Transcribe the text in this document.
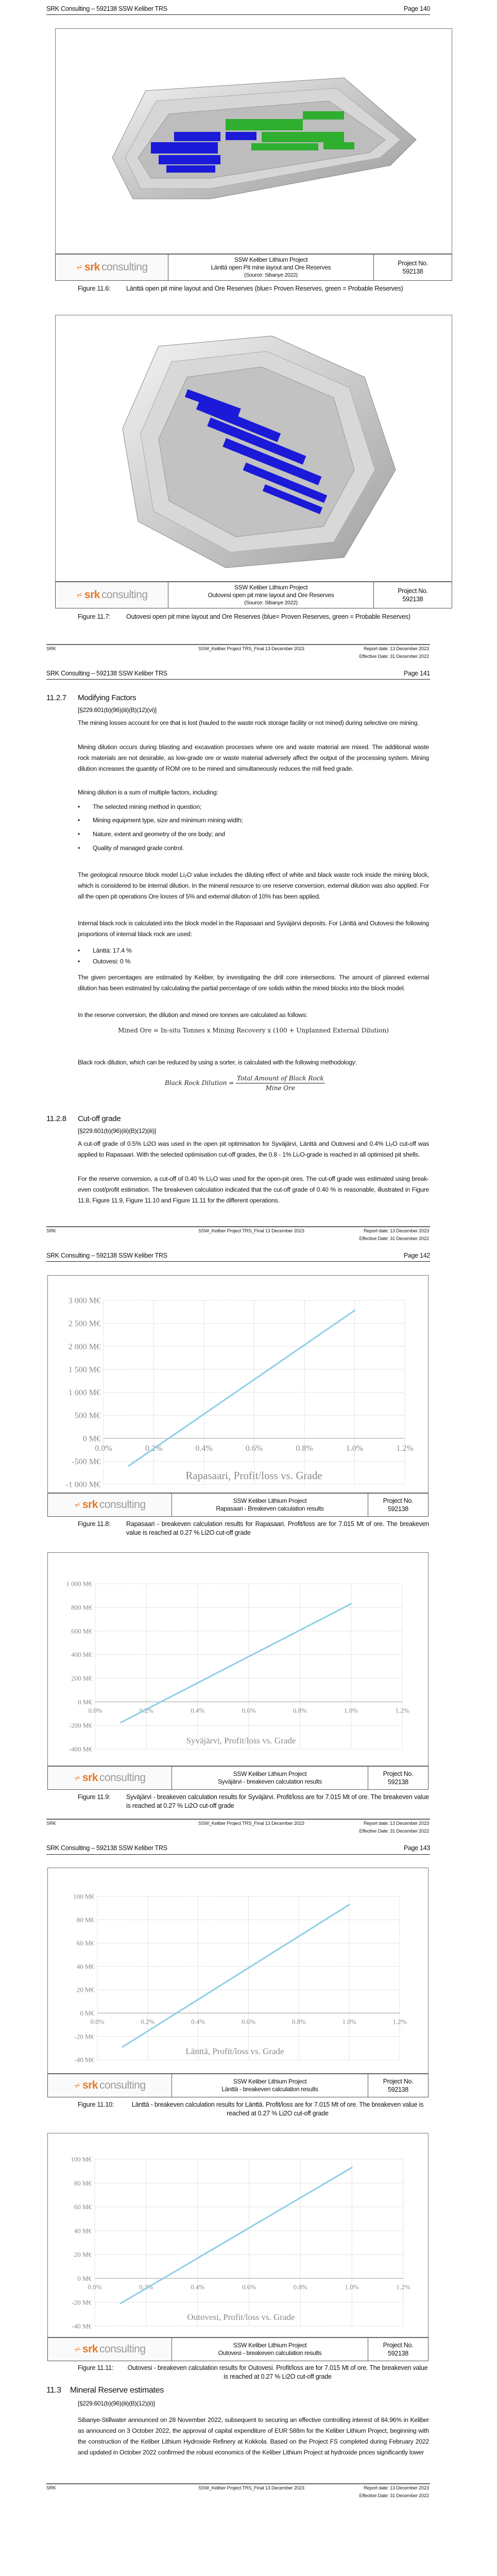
SRK Consulting – 592138 SSW Keliber TRS	Page 140
⩫ srk consulting
SSW Keliber Lithium Project
Länttä open Pit mine layout and Ore Reserves
(Source: Sibanye 2022)
Project No.
592138
Figure 11.6:	Länttä open pit mine layout and Ore Reserves (blue= Proven Reserves, green = Probable Reserves)
⩫ srk consulting
SSW Keliber Lithium Project
Outovesi open pit mine layout and Ore Reserves
(Source: Sibanye 2022)
Project No.
592138
Figure 11.7:	Outovesi open pit mine layout and Ore Reserves (blue= Proven Reserves, green = Probable Reserves)
SRK	SSW_Keliber Project TRS_Final 13 December 2023	Report date: 13 December 2023
Effective Date: 31 December 2022
SRK Consulting – 592138 SSW Keliber TRS	Page 141
11.2.7 Modifying Factors
[§229.601(b)(96)(iii)(B)(12)(vi)]

The mining losses account for ore that is lost (hauled to the waste rock storage facility or not mined) during selective ore mining.

Mining dilution occurs during blasting and excavation processes where ore and waste material are mixed. The additional waste rock materials are not desirable, as low-grade ore or waste material adversely affect the output of the processing system. Mining dilution increases the quantity of ROM ore to be mined and simultaneously reduces the mill feed grade.

Mining dilution is a sum of multiple factors, including:

• The selected mining method in question;
• Mining equipment type, size and minimum mining width;
• Nature, extent and geometry of the ore body; and
• Quality of managed grade control.

The geological resource block model Li₂O value includes the diluting effect of white and black waste rock inside the mining block, which is considered to be internal dilution. In the mineral resource to ore reserve conversion, external dilution was also applied. For all the open pit operations Ore losses of 5% and external dilution of 10% has been applied.

Internal black rock is calculated into the block model in the Rapasaari and Syväjärvi deposits. For Länttä and Outovesi the following proportions of internal black rock are used:

• Länttä: 17.4 %
• Outovesi: 0 %

The given percentages are estimated by Keliber, by investigating the drill core intersections. The amount of planned external dilution has been estimated by calculating the partial percentage of ore solids within the mined blocks into the block model.

In the reserve conversion, the dilution and mined ore tonnes are calculated as follows:

Mined Ore = In-situ Tonnes x Mining Recovery x (100 + Unplanned External Dilution)

Black rock dilution, which can be reduced by using a sorter, is calculated with the following methodology:

Black Rock Dilution = $\frac{\text{Total Amount of Black Rock}}{\text{Mine Ore}}$
11.2.8 Cut-off grade
[§229.601(b)(96)(iii)(B)(12)(iii)]

A cut-off grade of 0.5% Li2O was used in the open pit optimisation for Syväjärvi, Länttä and Outovesi and 0.4% Li₂O cut-off was applied to Rapasaari. With the selected optimisation cut-off grades, the 0.8 - 1% Li₂O-grade is reached in all optimised pit shells.

For the reserve conversion, a cut-off of 0.40 % Li₂O was used for the open-pit ores. The cut-off grade was estimated using break-even cost/profit estimation. The breakeven calculation indicated that the cut-off grade of 0.40 % is reasonable, illustrated in Figure 11.8, Figure 11.9, Figure 11.10 and Figure 11.11 for the different operations.

SRK	SSW_Keliber Project TRS_Final 13 December 2023	Report date: 13 December 2023
Effective Date: 31 December 2022
SRK Consulting – 592138 SSW Keliber TRS	Page 142
-1 000 M€
-500 M€
0 M€
500 M€
1 000 M€
1 500 M€
2 000 M€
2 500 M€
3 000 M€
0.0%	0.2%	0.4%	0.6%	0.8%	1.0%	1.2%
Rapasaari, Profit/loss vs. Grade
⩫ srk consulting	SSW Keliber Lithium Project
Rapasaari - Breakeven calculation results
Project No.
592138
Figure 11.8:	Rapasaari - breakeven calculation results for Rapasaari. Profit/loss are for 7.015 Mt of ore. The breakeven value is reached at 0.27 % Li2O cut-off grade
-400 M€
-200 M€
0 M€
200 M€
400 M€
600 M€
800 M€
1 000 M€
0.0%	0.2%	0.4%	0.6%	0.8%	1.0%	1.2%
Syväjärvi, Profit/loss vs. Grade
⩫ srk consulting	SSW Keliber Lithium Project
Syväjärvi - breakeven calculation results
Project No.
592138
Figure 11.9:	Syväjärvi - breakeven calculation results for Syväjärvi. Profit/loss are for 7.015 Mt of ore. The breakeven value is reached at 0.27 % Li2O cut-off grade
SRK	SSW_Keliber Project TRS_Final 13 December 2023	Report date: 13 December 2023
Effective Date: 31 December 2022
SRK Consulting – 592138 SSW Keliber TRS	Page 143
-40 M€
-20 M€
0 M€
20 M€
40 M€
60 M€
80 M€
100 M€
0.0%	0.2%	0.4%	0.6%	0.8%	1.0%	1.2%
Länttä, Profit/loss vs. Grade
⩫ srk consulting	SSW Keliber Lithium Project
Länttä - breakeven calculation results
Project No.
592138
Figure 11.10:	Länttä - breakeven calculation results for Länttä. Profit/loss are for 7.015 Mt of ore. The breakeven value is reached at 0.27 % Li2O cut-off grade
-40 M€
-20 M€
0 M€
20 M€
40 M€
60 M€
80 M€
100 M€
0.0%	0.2%	0.4%	0.6%	0.8%	1.0%	1.2%
Outovesi, Profit/loss vs. Grade
⩫ srk consulting	SSW Keliber Lithium Project
Outovesi - breakeven calculation results
Project No.
592138
Figure 11.11:	Outovesi - breakeven calculation results for Outovesi. Profit/loss are for 7.015 Mt of ore. The breakeven value is reached at 0.27 % Li2O cut-off grade
11.3 Mineral Reserve estimates
[§229.601(b)(96)(iii)(B)(12)(ii)]

Sibanye-Stillwater announced on 28 November 2022, subsequent to securing an effective controlling interest of 84.96% in Keliber as announced on 3 October 2022, the approval of capital expenditure of EUR 588m for the Keliber Lithium Project, beginning with the construction of the Keliber Lithium Hydroxide Refinery at Kokkola. Based on the Project FS completed during February 2022 and updated in October 2022 confirmed the robust economics of the Keliber Lithium Project at hydroxide prices significantly lower

SRK	SSW_Keliber Project TRS_Final 13 December 2023	Report date: 13 December 2023
Effective Date: 31 December 2022
